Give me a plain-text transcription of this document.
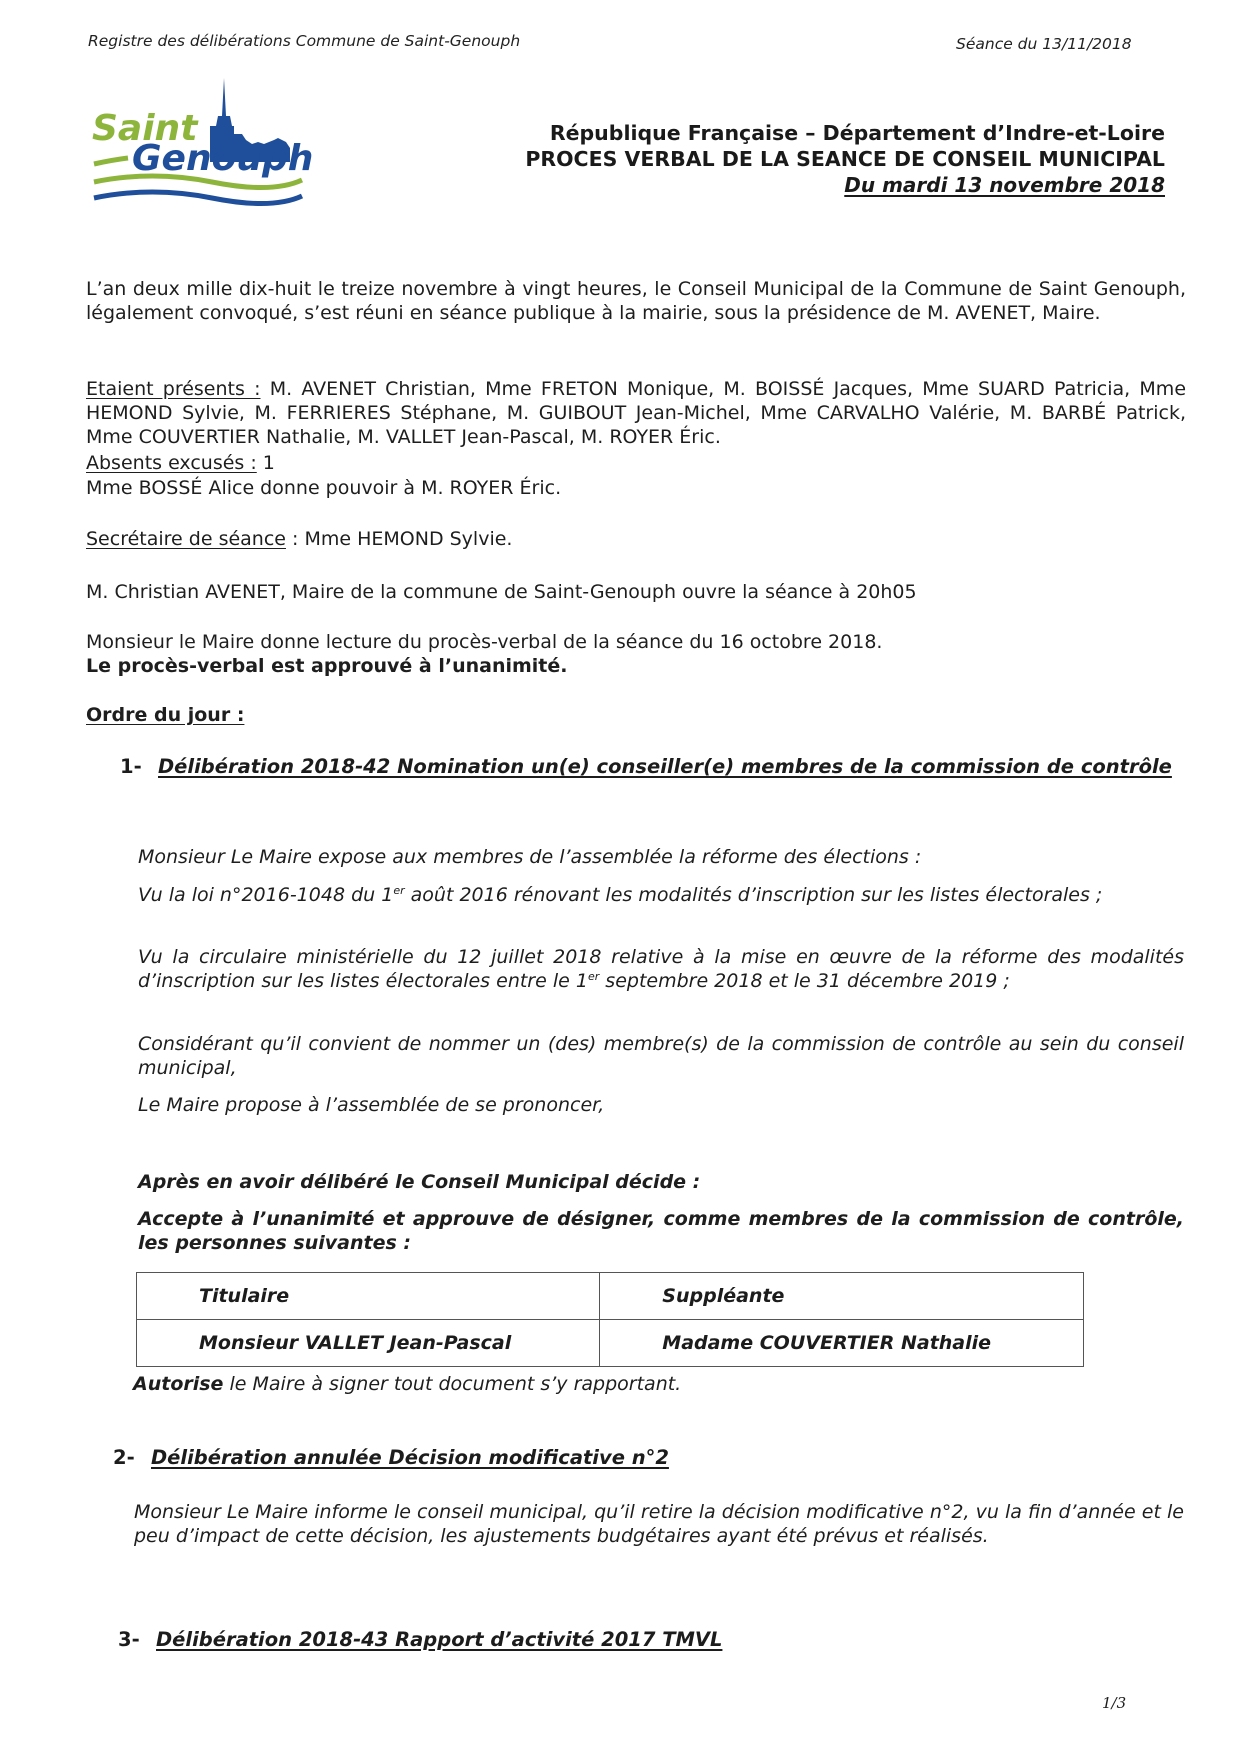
Registre des délibérations Commune de Saint-Genouph	Séance du 13/11/2018
Saint
Genouph
République Française – Département d’Indre-et-Loire
PROCES VERBAL DE LA SEANCE DE CONSEIL MUNICIPAL
Du mardi 13 novembre 2018
L’an deux mille dix-huit le treize novembre à vingt heures, le Conseil Municipal de la Commune de Saint Genouph, légalement convoqué, s’est réuni en séance publique à la mairie, sous la présidence de M. AVENET, Maire.
Etaient présents : M. AVENET Christian, Mme FRETON Monique, M. BOISSÉ Jacques, Mme SUARD Patricia, Mme HEMOND Sylvie, M. FERRIERES Stéphane, M. GUIBOUT Jean-Michel, Mme CARVALHO Valérie, M. BARBÉ Patrick, Mme COUVERTIER Nathalie, M. VALLET Jean-Pascal, M. ROYER Éric.
Absents excusés : 1
Mme BOSSÉ Alice donne pouvoir à M. ROYER Éric.
Secrétaire de séance : Mme HEMOND Sylvie.
M. Christian AVENET, Maire de la commune de Saint-Genouph ouvre la séance à 20h05
Monsieur le Maire donne lecture du procès-verbal de la séance du 16 octobre 2018.
Le procès-verbal est approuvé à l’unanimité.
Ordre du jour :
1- Délibération 2018-42 Nomination un(e) conseiller(e) membres de la commission de contrôle
Monsieur Le Maire expose aux membres de l’assemblée la réforme des élections :
Vu la loi n°2016-1048 du 1er août 2016 rénovant les modalités d’inscription sur les listes électorales ;
Vu la circulaire ministérielle du 12 juillet 2018 relative à la mise en œuvre de la réforme des modalités d’inscription sur les listes électorales entre le 1er septembre 2018 et le 31 décembre 2019 ;
Considérant qu’il convient de nommer un (des) membre(s) de la commission de contrôle au sein du conseil municipal,
Le Maire propose à l’assemblée de se prononcer,
Après en avoir délibéré le Conseil Municipal décide :
Accepte à l’unanimité et approuve de désigner, comme membres de la commission de contrôle, les personnes suivantes :
Titulaire	Suppléante
Monsieur VALLET Jean-Pascal	Madame COUVERTIER Nathalie
Autorise le Maire à signer tout document s’y rapportant.
2- Délibération annulée Décision modificative n°2
Monsieur Le Maire informe le conseil municipal, qu’il retire la décision modificative n°2, vu la fin d’année et le peu d’impact de cette décision, les ajustements budgétaires ayant été prévus et réalisés.
3- Délibération 2018-43 Rapport d’activité 2017 TMVL
1/3
